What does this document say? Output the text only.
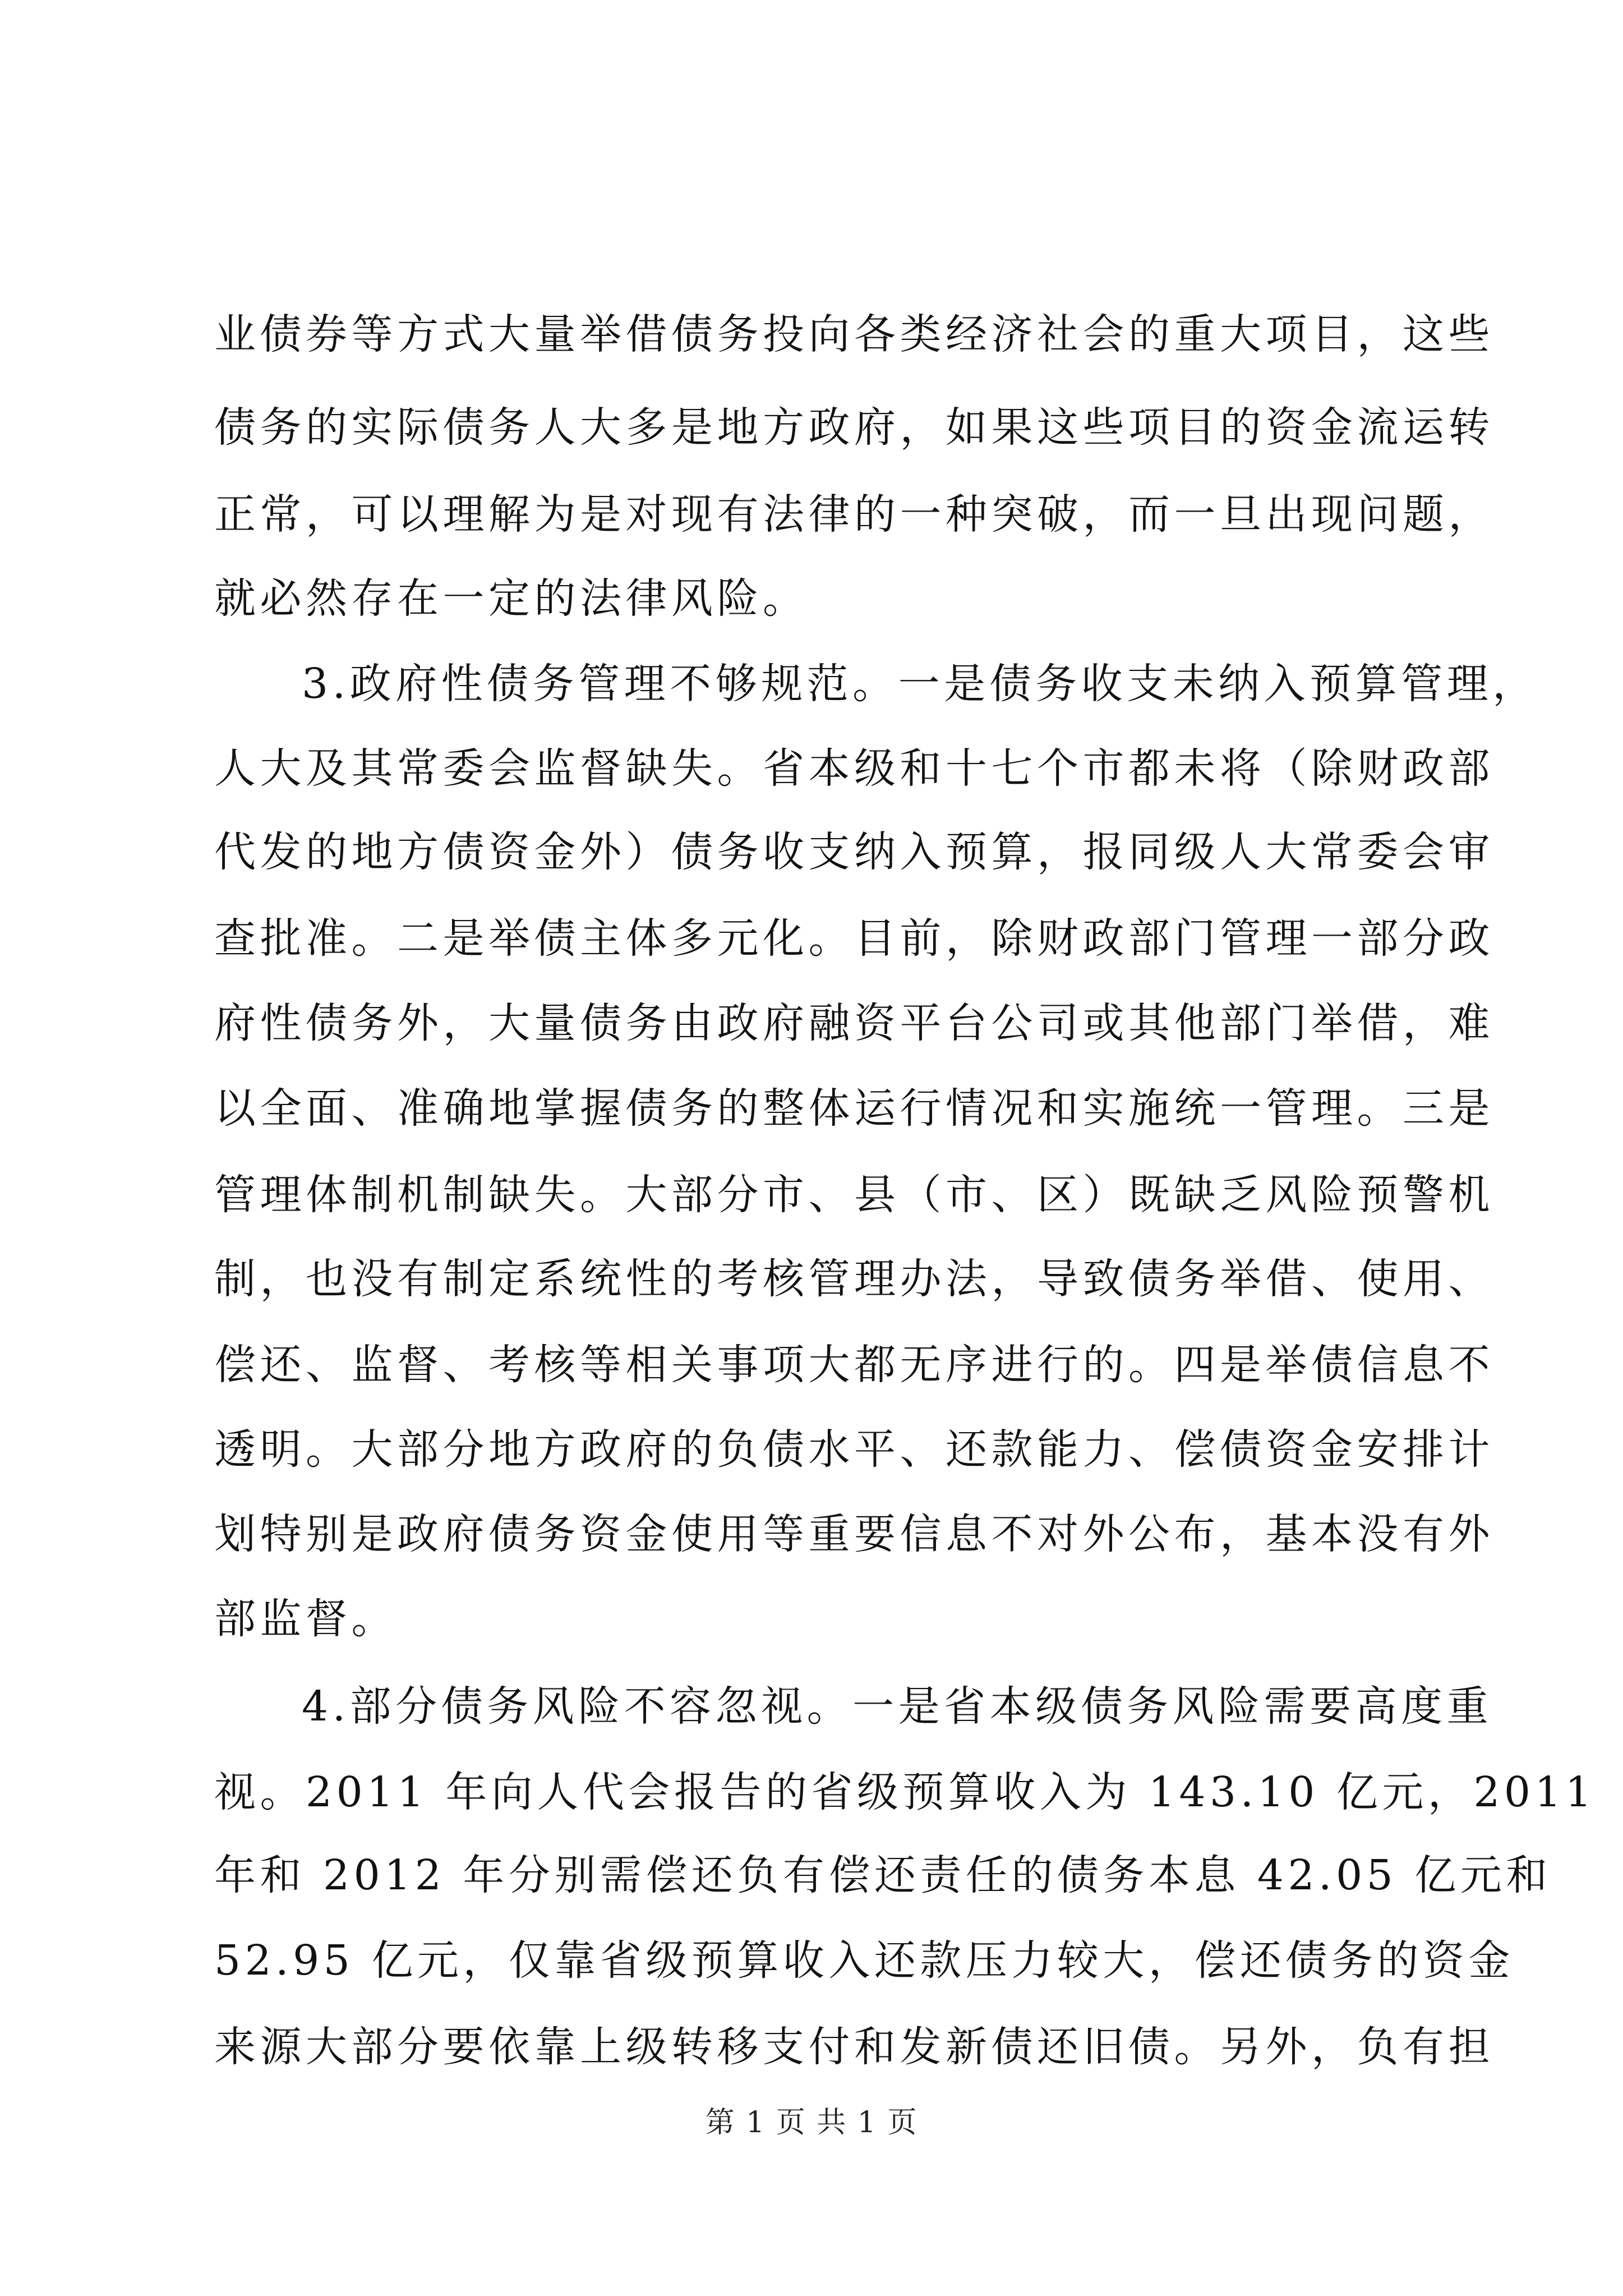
业债券等方式大量举借债务投向各类经济社会的重大项目，这些
债务的实际债务人大多是地方政府，如果这些项目的资金流运转
正常，可以理解为是对现有法律的一种突破，而一旦出现问题，
就必然存在一定的法律风险。
3.政府性债务管理不够规范。一是债务收支未纳入预算管理，
人大及其常委会监督缺失。省本级和十七个市都未将（除财政部
代发的地方债资金外）债务收支纳入预算，报同级人大常委会审
查批准。二是举债主体多元化。目前，除财政部门管理一部分政
府性债务外，大量债务由政府融资平台公司或其他部门举借，难
以全面、准确地掌握债务的整体运行情况和实施统一管理。三是
管理体制机制缺失。大部分市、县（市、区）既缺乏风险预警机
制，也没有制定系统性的考核管理办法，导致债务举借、使用、
偿还、监督、考核等相关事项大都无序进行的。四是举债信息不
透明。大部分地方政府的负债水平、还款能力、偿债资金安排计
划特别是政府债务资金使用等重要信息不对外公布，基本没有外
部监督。
4.部分债务风险不容忽视。一是省本级债务风险需要高度重
视。2011 年向人代会报告的省级预算收入为 143.10 亿元，2011
年和 2012 年分别需偿还负有偿还责任的债务本息 42.05 亿元和
52.95 亿元，仅靠省级预算收入还款压力较大，偿还债务的资金
来源大部分要依靠上级转移支付和发新债还旧债。另外，负有担
第 1 页 共 1 页
